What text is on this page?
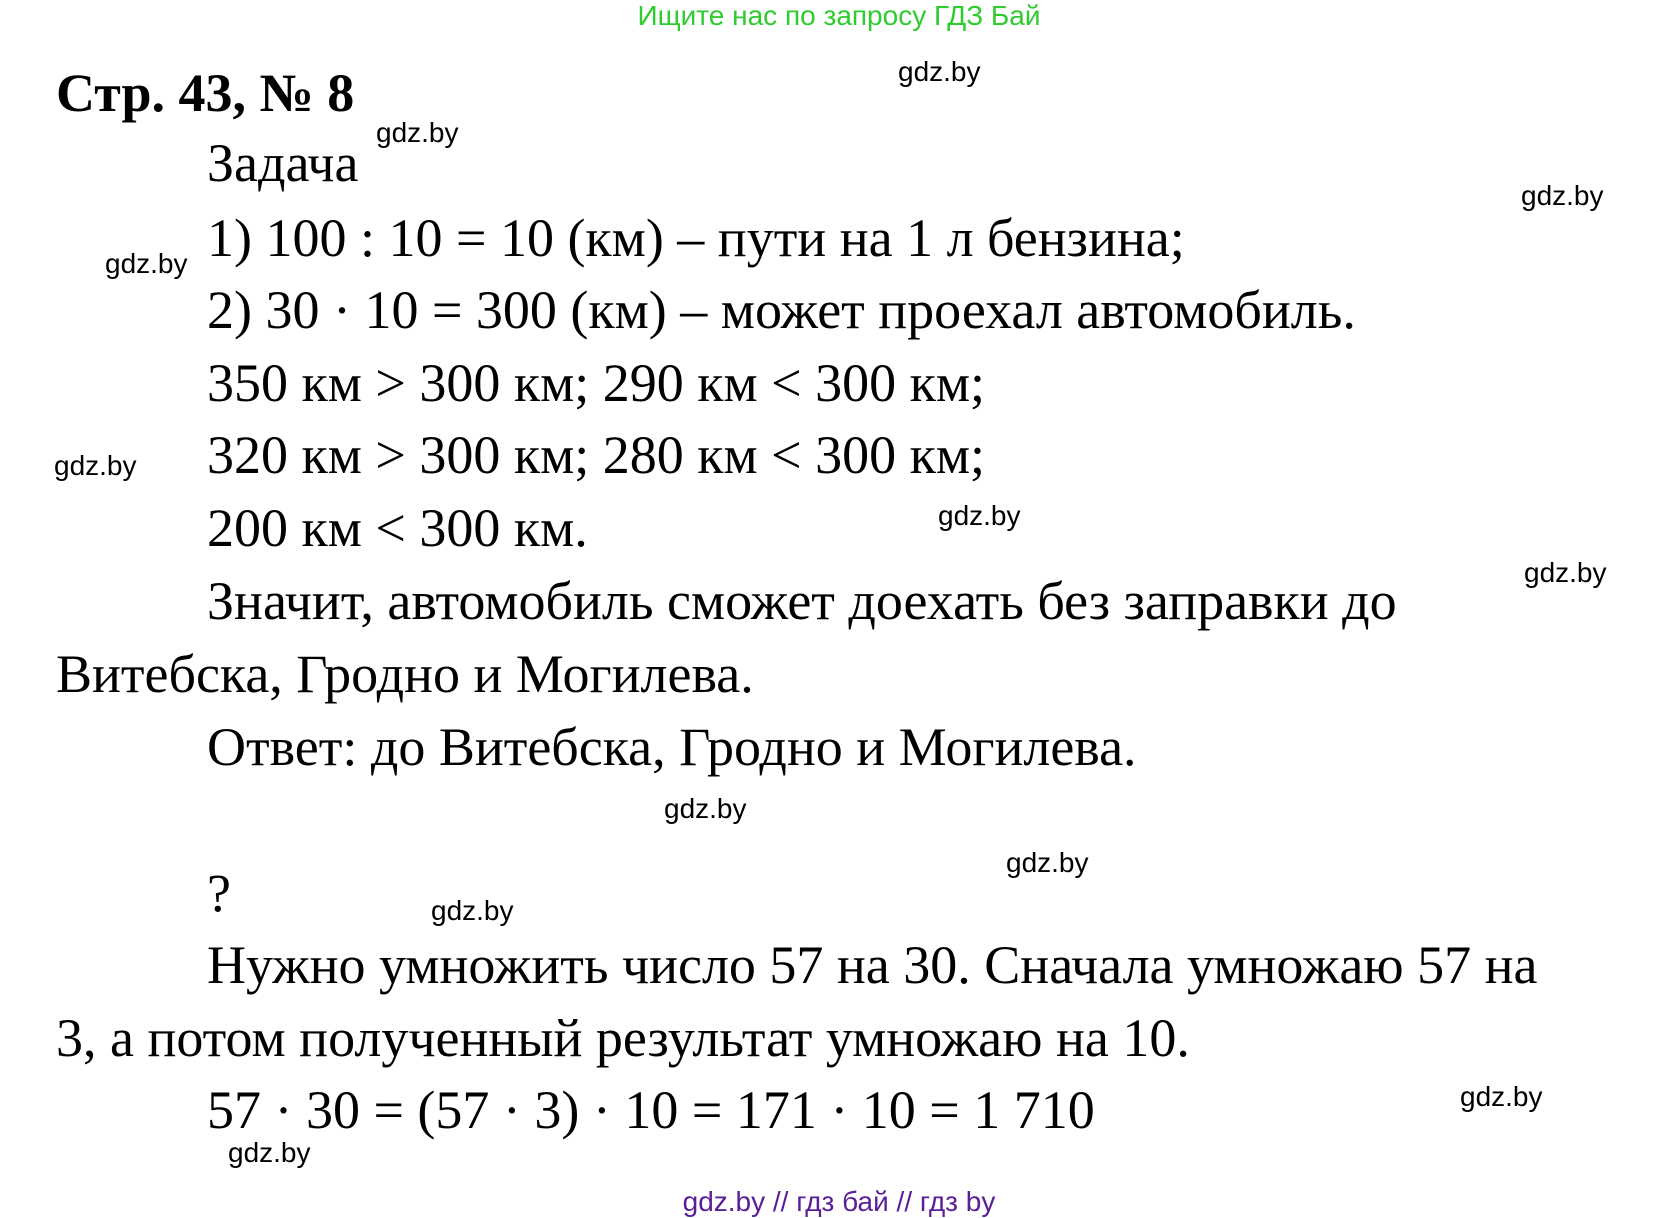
Ищите нас по запросу ГДЗ Бай
Стр. 43, № 8
Задача
1) 100 : 10 = 10 (км) – пути на 1 л бензина;
2) 30 · 10 = 300 (км) – может проехал автомобиль.
350 км > 300 км; 290 км < 300 км;
320 км > 300 км; 280 км < 300 км;
200 км < 300 км.
Значит, автомобиль сможет доехать без заправки до
Витебска, Гродно и Могилева.
Ответ: до Витебска, Гродно и Могилева.
?
Нужно умножить число 57 на 30. Сначала умножаю 57 на
3, а потом полученный результат умножаю на 10.
57 · 30 = (57 · 3) · 10 = 171 · 10 = 1 710
gdz.by
gdz.by
gdz.by
gdz.by
gdz.by
gdz.by
gdz.by
gdz.by
gdz.by
gdz.by
gdz.by
gdz.by
gdz.by // гдз бай // гдз by
